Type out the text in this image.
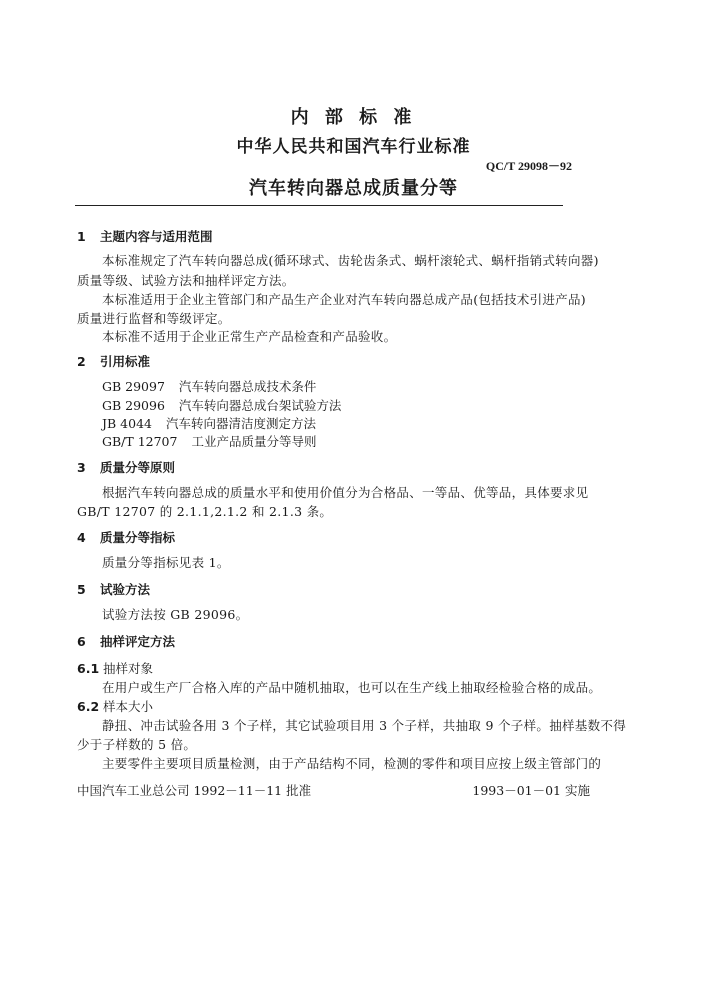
内 部 标 准
中华人民共和国汽车行业标准
QC/T 29098－92
汽车转向器总成质量分等
1 主题内容与适用范围
本标准规定了汽车转向器总成(循环球式、齿轮齿条式、蜗杆滚轮式、蜗杆指销式转向器)
质量等级、试验方法和抽样评定方法。
本标准适用于企业主管部门和产品生产企业对汽车转向器总成产品(包括技术引进产品)
质量进行监督和等级评定。
本标准不适用于企业正常生产产品检查和产品验收。
2 引用标准
GB 29097 汽车转向器总成技术条件
GB 29096 汽车转向器总成台架试验方法
JB 4044 汽车转向器清洁度测定方法
GB/T 12707 工业产品质量分等导则
3 质量分等原则
根据汽车转向器总成的质量水平和使用价值分为合格品、一等品、优等品，具体要求见
GB/T 12707 的 2.1.1,2.1.2 和 2.1.3 条。
4 质量分等指标
质量分等指标见表 1。
5 试验方法
试验方法按 GB 29096。
6 抽样评定方法
6.1 抽样对象
在用户或生产厂合格入库的产品中随机抽取，也可以在生产线上抽取经检验合格的成品。
6.2 样本大小
静扭、冲击试验各用 3 个子样，其它试验项目用 3 个子样，共抽取 9 个子样。抽样基数不得
少于子样数的 5 倍。
主要零件主要项目质量检测，由于产品结构不同，检测的零件和项目应按上级主管部门的
中国汽车工业总公司 1992－11－11 批准	1993－01－01 实施
